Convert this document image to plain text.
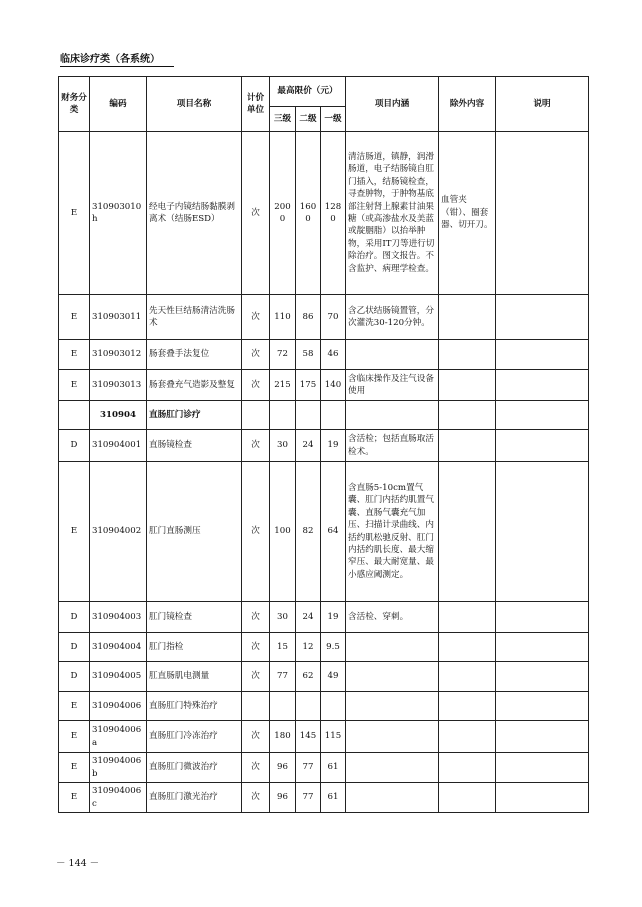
临床诊疗类（各系统）
财务分类	编码	项目名称	计价单位	最高限价（元）			项目内涵	除外内容	说明
				三级	二级	一级			
E	310903010h	经电子内镜结肠黏膜剥离术（结肠ESD）	次	2000	1600	1280	清洁肠道，镇静，润滑肠道，电子结肠镜自肛门插入，结肠镜检查，寻查肿物，于肿物基底部注射肾上腺素甘油果糖（或高渗盐水及美蓝或靛胭脂）以抬举肿物，采用IT刀等进行切除治疗。图文报告。不含监护、病理学检查。	血管夹（钳）、圈套器、切开刀。	
E	310903011	先天性巨结肠清洁洗肠术	次	110	86	70	含乙状结肠镜置管，分次灌洗30-120分钟。		
E	310903012	肠套叠手法复位	次	72	58	46			
E	310903013	肠套叠充气造影及整复	次	215	175	140	含临床操作及注气设备使用		
	310904	直肠肛门诊疗							
D	310904001	直肠镜检查	次	30	24	19	含活检；包括直肠取活检术。		
E	310904002	肛门直肠测压	次	100	82	64	含直肠5-10cm置气囊、肛门内括约肌置气囊、直肠气囊充气加压、扫描计录曲线、内括约肌松驰反射、肛门内括约肌长度、最大缩窄压、最大耐宽量、最小感应阈测定。		
D	310904003	肛门镜检查	次	30	24	19	含活检、穿刺。		
D	310904004	肛门指检	次	15	12	9.5			
D	310904005	肛直肠肌电测量	次	77	62	49			
E	310904006	直肠肛门特殊治疗							
E	310904006a	直肠肛门冷冻治疗	次	180	145	115			
E	310904006b	直肠肛门微波治疗	次	96	77	61			
E	310904006c	直肠肛门激光治疗	次	96	77	61			
－ 144 －
